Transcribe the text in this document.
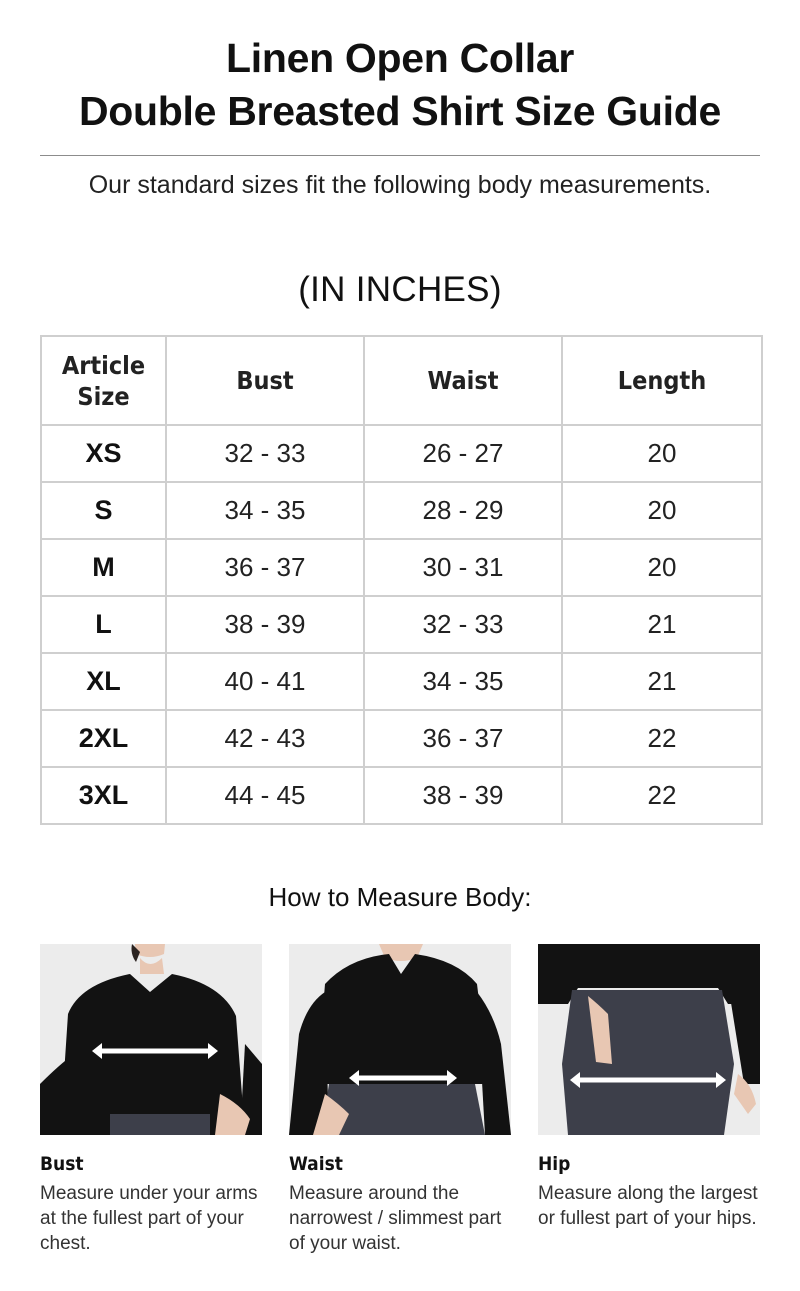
Linen Open Collar
Double Breasted Shirt Size Guide
Our standard sizes fit the following body measurements.
(IN INCHES)
Article Size	Bust	Waist	Length
XS	32 - 33	26 - 27	20
S	34 - 35	28 - 29	20
M	36 - 37	30 - 31	20
L	38 - 39	32 - 33	21
XL	40 - 41	34 - 35	21
2XL	42 - 43	36 - 37	22
3XL	44 - 45	38 - 39	22
How to Measure Body:
Bust
Measure under your arms at the fullest part of your chest.
Waist
Measure around the narrowest / slimmest part of your waist.
Hip
Measure along the largest or fullest part of your hips.
